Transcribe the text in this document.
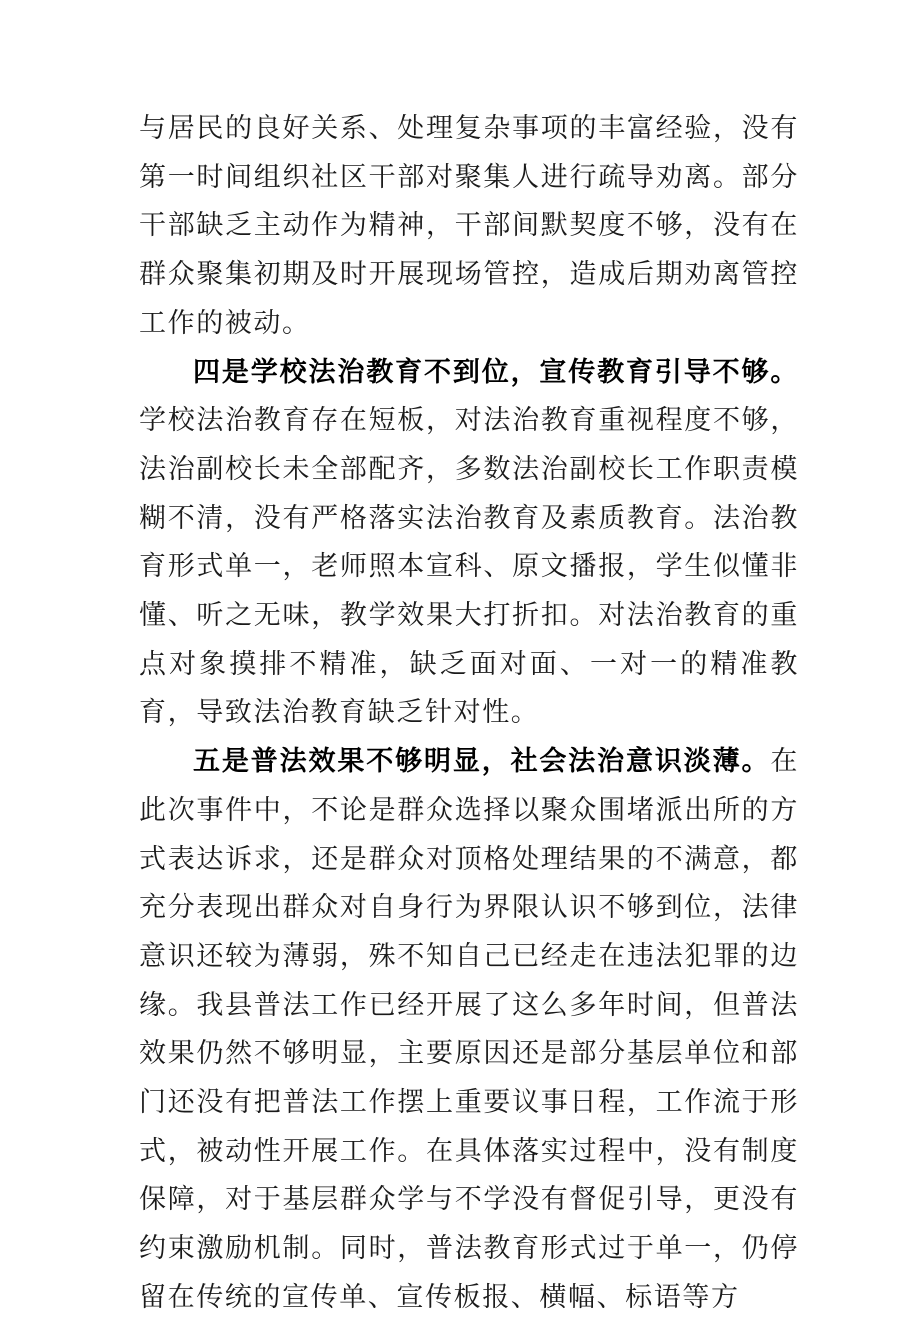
与居民的良好关系、处理复杂事项的丰富经验，没有第一时间组织社区干部对聚集人进行疏导劝离。部分干部缺乏主动作为精神，干部间默契度不够，没有在群众聚集初期及时开展现场管控，造成后期劝离管控工作的被动。

四是学校法治教育不到位，宣传教育引导不够。学校法治教育存在短板，对法治教育重视程度不够，法治副校长未全部配齐，多数法治副校长工作职责模糊不清，没有严格落实法治教育及素质教育。法治教育形式单一，老师照本宣科、原文播报，学生似懂非懂、听之无味，教学效果大打折扣。对法治教育的重点对象摸排不精准，缺乏面对面、一对一的精准教育，导致法治教育缺乏针对性。

五是普法效果不够明显，社会法治意识淡薄。在此次事件中，不论是群众选择以聚众围堵派出所的方式表达诉求，还是群众对顶格处理结果的不满意，都充分表现出群众对自身行为界限认识不够到位，法律意识还较为薄弱，殊不知自己已经走在违法犯罪的边缘。我县普法工作已经开展了这么多年时间，但普法效果仍然不够明显，主要原因还是部分基层单位和部门还没有把普法工作摆上重要议事日程，工作流于形式，被动性开展工作。在具体落实过程中，没有制度保障，对于基层群众学与不学没有督促引导，更没有约束激励机制。同时，普法教育形式过于单一，仍停留在传统的宣传单、宣传板报、横幅、标语等方
